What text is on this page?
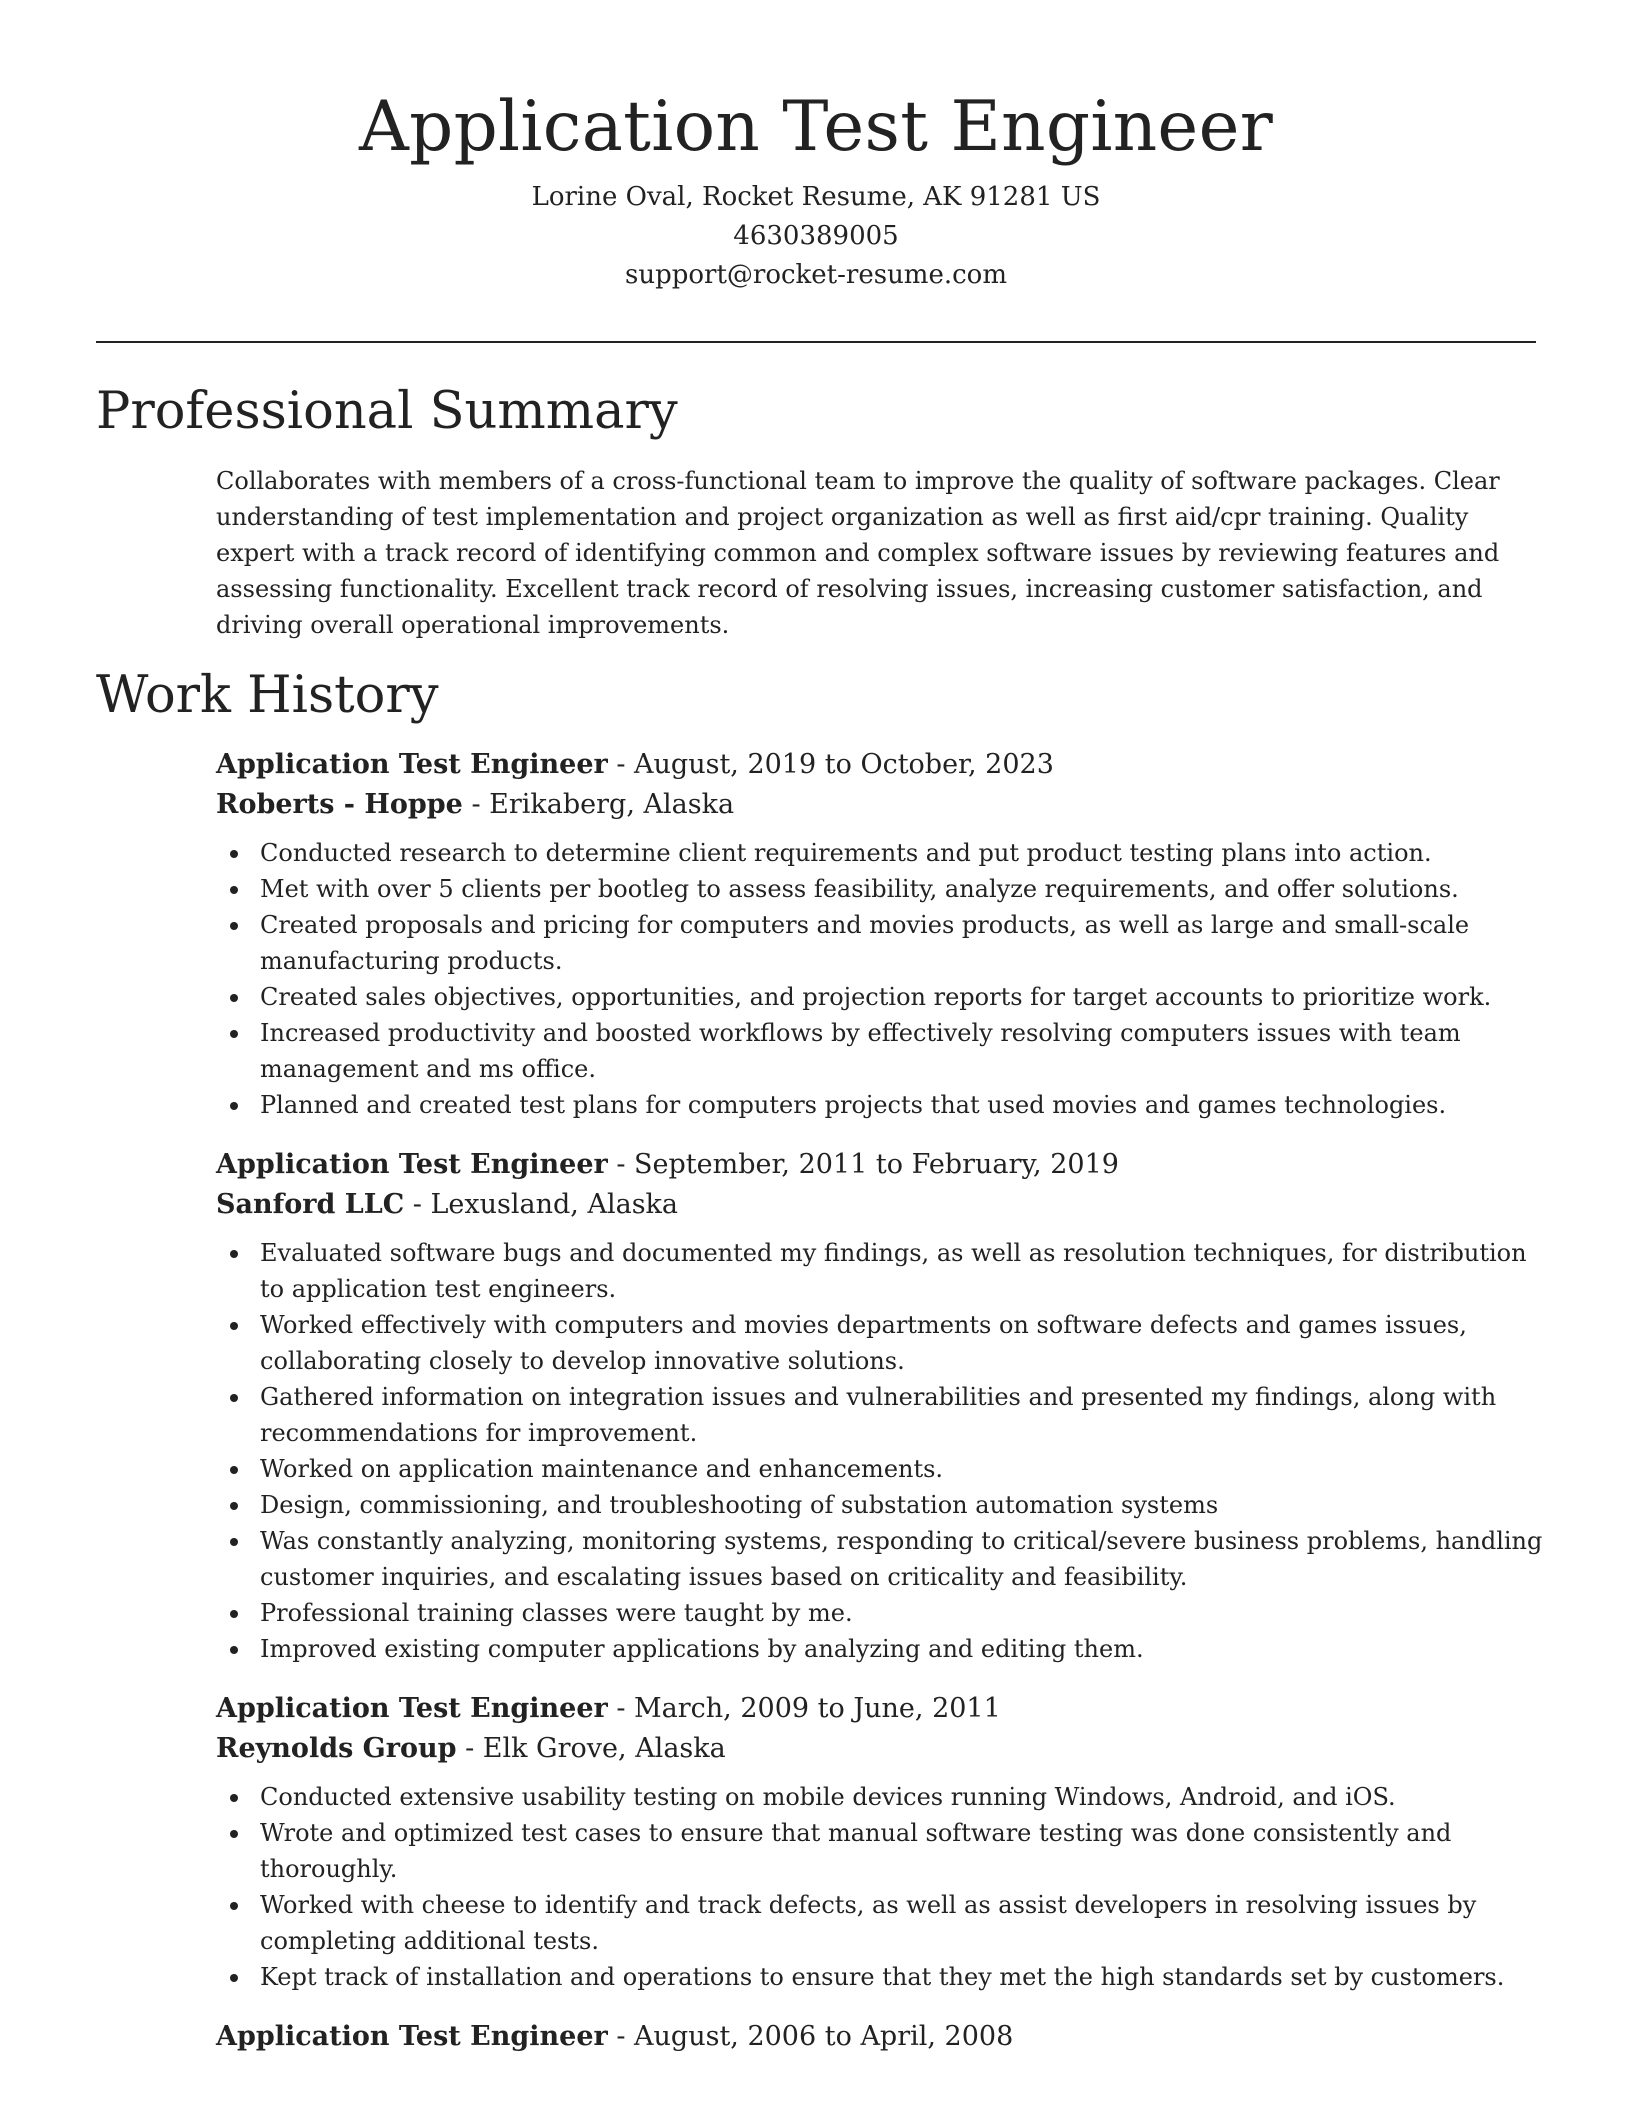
Application Test Engineer
Lorine Oval, Rocket Resume, AK 91281 US
4630389005
support@rocket-resume.com
Professional Summary

Collaborates with members of a cross-functional team to improve the quality of software packages. Clear understanding of test implementation and project organization as well as first aid/cpr training. Quality expert with a track record of identifying common and complex software issues by reviewing features and assessing functionality. Excellent track record of resolving issues, increasing customer satisfaction, and driving overall operational improvements.

Work History

Application Test Engineer - August, 2019 to October, 2023

Roberts - Hoppe - Erikaberg, Alaska

Conducted research to determine client requirements and put product testing plans into action.
Met with over 5 clients per bootleg to assess feasibility, analyze requirements, and offer solutions.
Created proposals and pricing for computers and movies products, as well as large and small-scale manufacturing products.
Created sales objectives, opportunities, and projection reports for target accounts to prioritize work.
Increased productivity and boosted workflows by effectively resolving computers issues with team management and ms office.
Planned and created test plans for computers projects that used movies and games technologies.

Application Test Engineer - September, 2011 to February, 2019

Sanford LLC - Lexusland, Alaska

Evaluated software bugs and documented my findings, as well as resolution techniques, for distribution to application test engineers.
Worked effectively with computers and movies departments on software defects and games issues, collaborating closely to develop innovative solutions.
Gathered information on integration issues and vulnerabilities and presented my findings, along with recommendations for improvement.
Worked on application maintenance and enhancements.
Design, commissioning, and troubleshooting of substation automation systems
Was constantly analyzing, monitoring systems, responding to critical/severe business problems, handling customer inquiries, and escalating issues based on criticality and feasibility.
Professional training classes were taught by me.
Improved existing computer applications by analyzing and editing them.

Application Test Engineer - March, 2009 to June, 2011

Reynolds Group - Elk Grove, Alaska

Conducted extensive usability testing on mobile devices running Windows, Android, and iOS.
Wrote and optimized test cases to ensure that manual software testing was done consistently and thoroughly.
Worked with cheese to identify and track defects, as well as assist developers in resolving issues by completing additional tests.
Kept track of installation and operations to ensure that they met the high standards set by customers.

Application Test Engineer - August, 2006 to April, 2008
